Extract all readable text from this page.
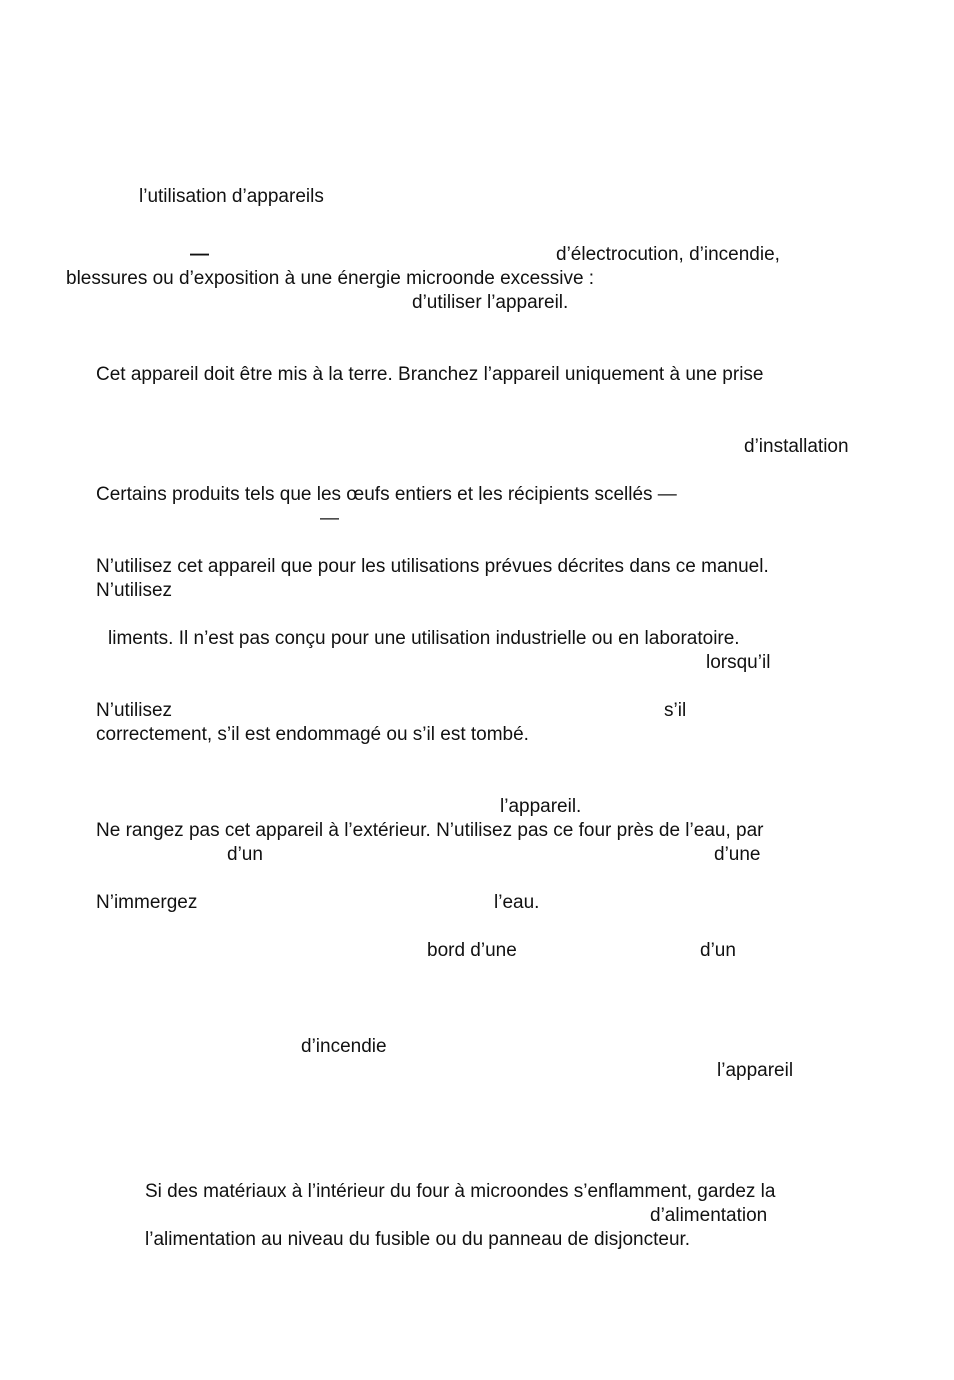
l’utilisation d’appareils
—	d’électrocution, d’incendie,
blessures ou d’exposition à une énergie microonde excessive :
d’utiliser l’appareil.
Cet appareil doit être mis à la terre. Branchez l’appareil uniquement à une prise
d’installation
Certains produits tels que les œufs entiers et les récipients scellés —
—
N’utilisez cet appareil que pour les utilisations prévues décrites dans ce manuel.
N’utilisez
liments. Il n’est pas conçu pour une utilisation industrielle ou en laboratoire.
lorsqu’il
N’utilisez	s’il
correctement, s’il est endommagé ou s’il est tombé.
l’appareil.
Ne rangez pas cet appareil à l’extérieur. N’utilisez pas ce four près de l’eau, par
d’un	d’une
N’immergez	l’eau.
bord d’une	d’un
d’incendie
l’appareil
Si des matériaux à l’intérieur du four à microondes s’enflamment, gardez la
d’alimentation
l’alimentation au niveau du fusible ou du panneau de disjoncteur.
